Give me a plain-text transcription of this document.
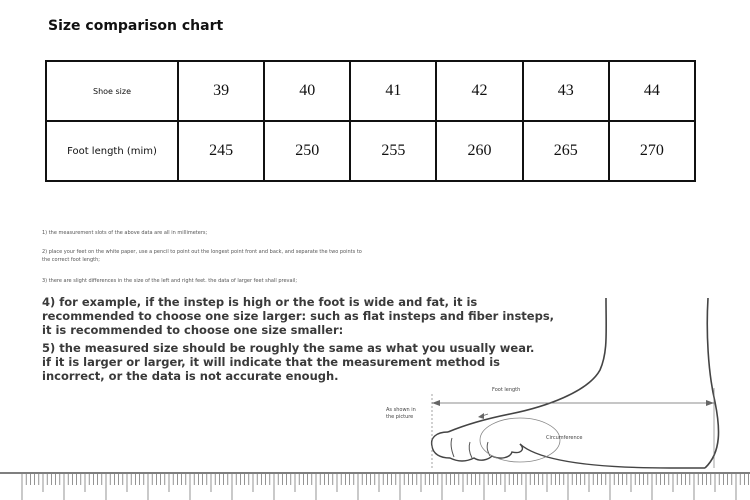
Size comparison chart
Shoe size	39	40	41	42	43	44
Foot length (mim)	245	250	255	260	265	270
1) the measurement slots of the above data are all in millimeters;
2) place your feet on the white paper, use a pencil to point out the longest point front and back, and separate the two points to
the correct foot length;
3) there are slight differences in the size of the left and right feet. the data of larger feet shall prevail;
4) for example, if the instep is high or the foot is wide and fat, it is
recommended to choose one size larger: such as flat insteps and fiber insteps,
it is recommended to choose one size smaller:
5) the measured size should be roughly the same as what you usually wear.
if it is larger or larger, it will indicate that the measurement method is
incorrect, or the data is not accurate enough.
Foot length
As shown in
the picture
Circumference
